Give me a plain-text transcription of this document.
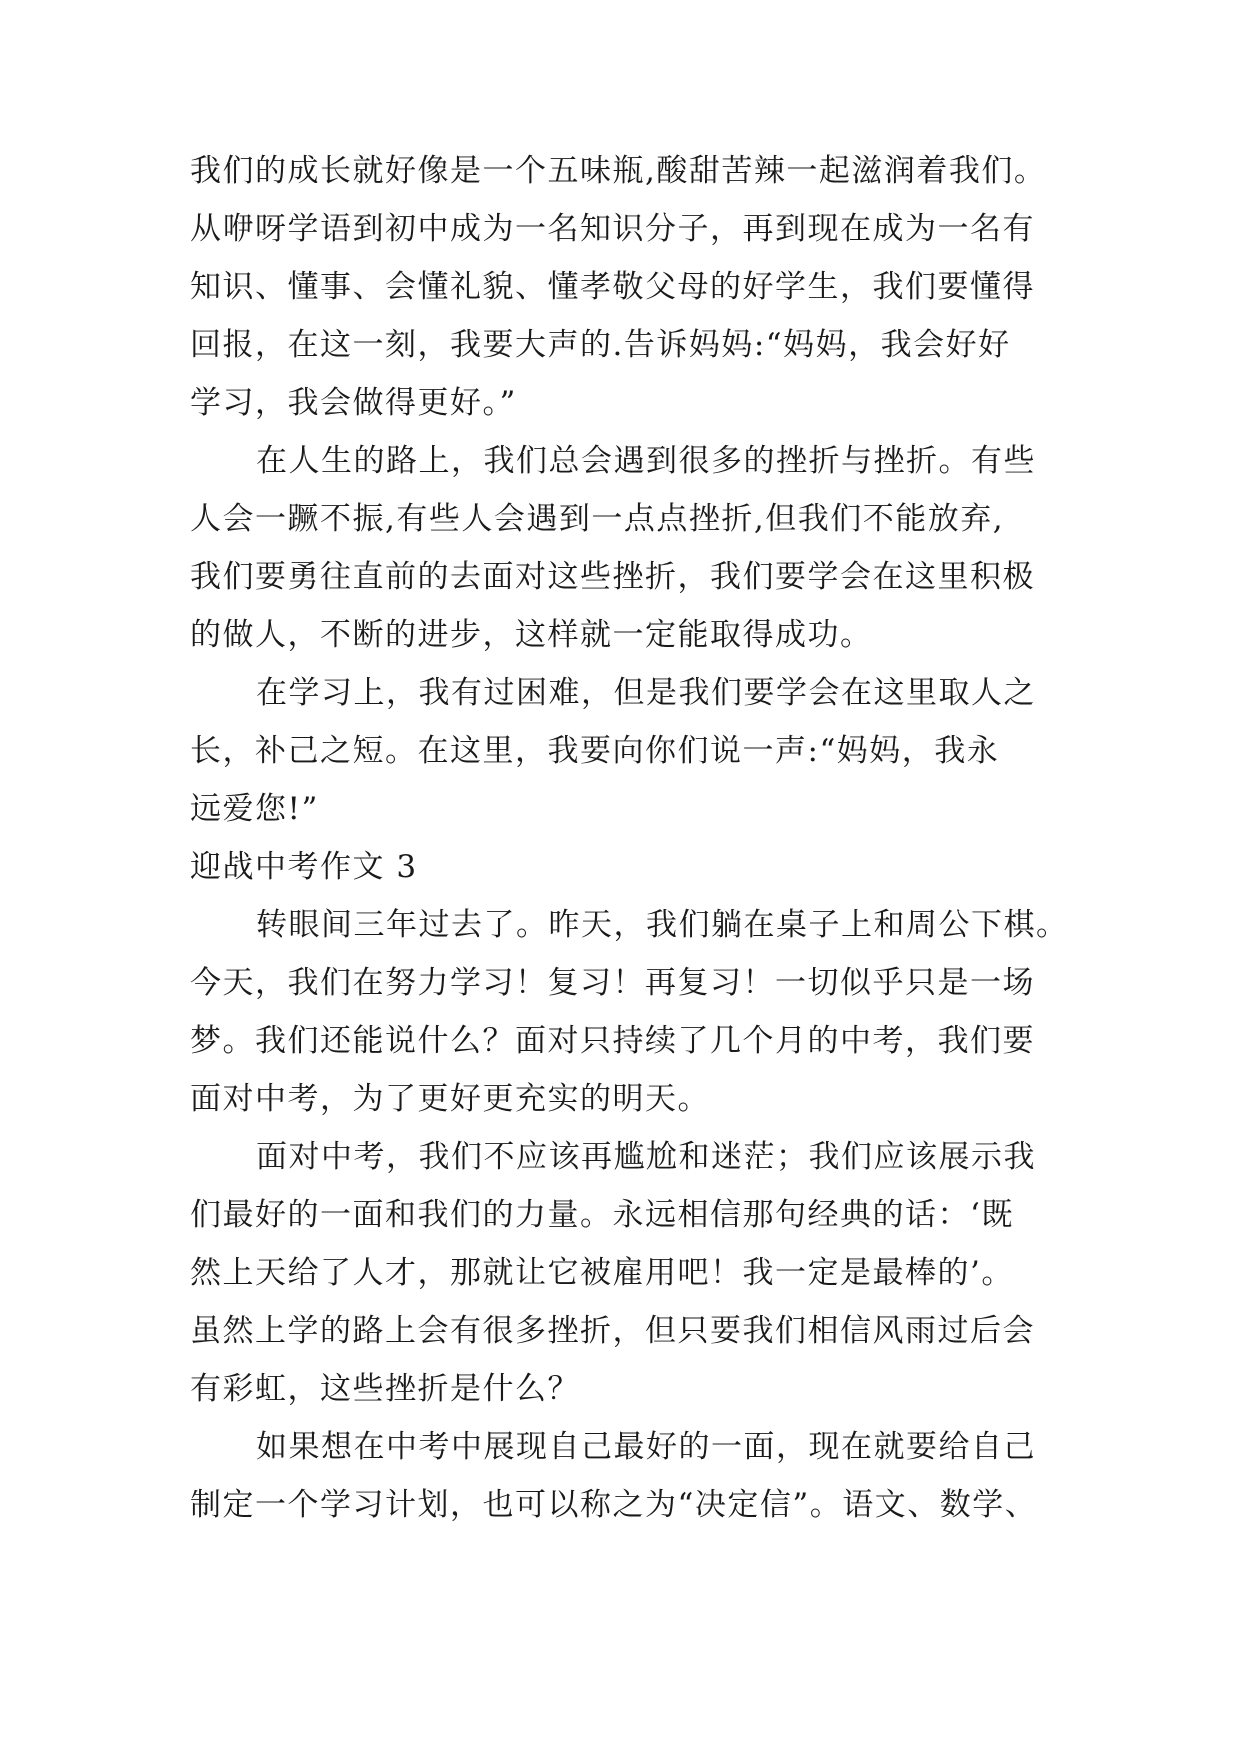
我们的成长就好像是一个五味瓶,酸甜苦辣一起滋润着我们。
从咿呀学语到初中成为一名知识分子，再到现在成为一名有
知识、懂事、会懂礼貌、懂孝敬父母的好学生，我们要懂得
回报，在这一刻，我要大声的.告诉妈妈:“妈妈，我会好好
学习，我会做得更好。”
在人生的路上，我们总会遇到很多的挫折与挫折。有些
人会一蹶不振,有些人会遇到一点点挫折,但我们不能放弃,
我们要勇往直前的去面对这些挫折，我们要学会在这里积极
的做人，不断的进步，这样就一定能取得成功。
在学习上，我有过困难，但是我们要学会在这里取人之
长，补己之短。在这里，我要向你们说一声:“妈妈，我永
远爱您!”
迎战中考作文 3
转眼间三年过去了。昨天，我们躺在桌子上和周公下棋。
今天，我们在努力学习！复习！再复习！一切似乎只是一场
梦。我们还能说什么？面对只持续了几个月的中考，我们要
面对中考，为了更好更充实的明天。
面对中考，我们不应该再尴尬和迷茫；我们应该展示我
们最好的一面和我们的力量。永远相信那句经典的话：‘既
然上天给了人才，那就让它被雇用吧！我一定是最棒的’。
虽然上学的路上会有很多挫折，但只要我们相信风雨过后会
有彩虹，这些挫折是什么？
如果想在中考中展现自己最好的一面，现在就要给自己
制定一个学习计划，也可以称之为“决定信”。语文、数学、
